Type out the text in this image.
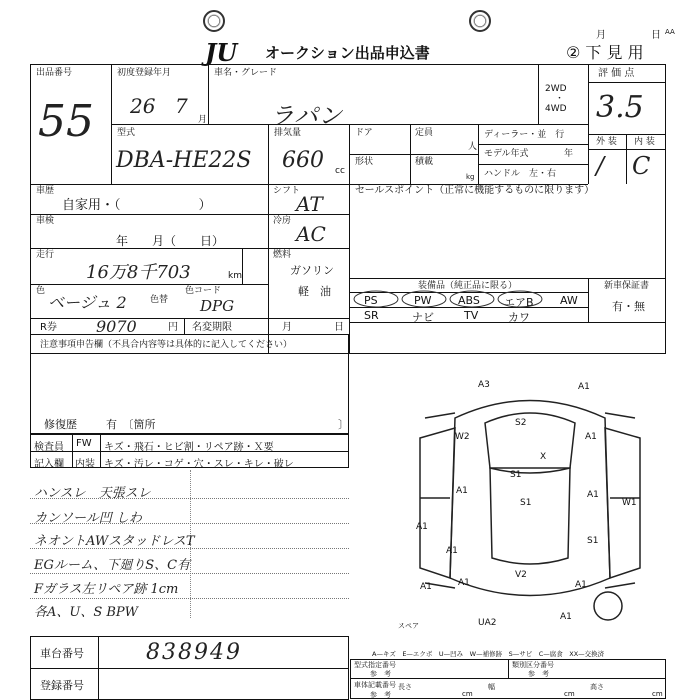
JU オークション出品申込書
月	日 AA
② 下 見 用
出品番号
55
初度登録年月
26 7
月
車名・グレード
ラパン
2WD
・
4WD
評 価 点
3.5
外 装 内 装
/ C
型式
DBA-HE22S
排気量
660 cc
ドア	定員
人
形状	積載
kg
ディーラー・並　行
モデル年式	年
ハンドル　左・右
車歴
自家用・（　　　　　　）
シフト
AT
セールスポイント（正常に機能するものに限ります）
車検
年　　月（　　日）
冷房
AC
走行
16万8千703	km
燃料
ガソリン
軽　油
色
ベージュ 2	色替
色コード
DPG
R券 9070	円 名変期限	月	日
装備品（純正品に限る）	新車保証書
有・無
PS	PW ABS エアB AW
SR	ナビ	TV	カワ
注意事項申告欄（不具合内容等は具体的に記入してください）
修復歴	有　〔箇所	〕
検査員 FW キズ・飛石・ヒビ割・リペア跡・Ｘ要
記入欄 内装 キズ・汚レ・コゲ・穴・スレ・キレ・破レ
ハンスレ　天張スレ
カンソール凹 しわ
ネオントAWスタッドレスT
EGルーム、下廻りS、C有
Fガラス左リペア跡 1cm
各A、U、S BPW
A3	A1
S2
W2	A1
X
S1
A1	A1
S1
A1
W1
S1
A1
A1
V2
A1
UA2
A1
A1
スペア
A—キズ　E—エクボ　U—凹み　W—補修跡　S—サビ　C—腐食　XX—交換済
車台番号	838949
登録番号
型式指定番号
参　考
類別区分番号
参　考
車体記載番号
参　考
長さ
cm
幅
cm
高さ
cm
